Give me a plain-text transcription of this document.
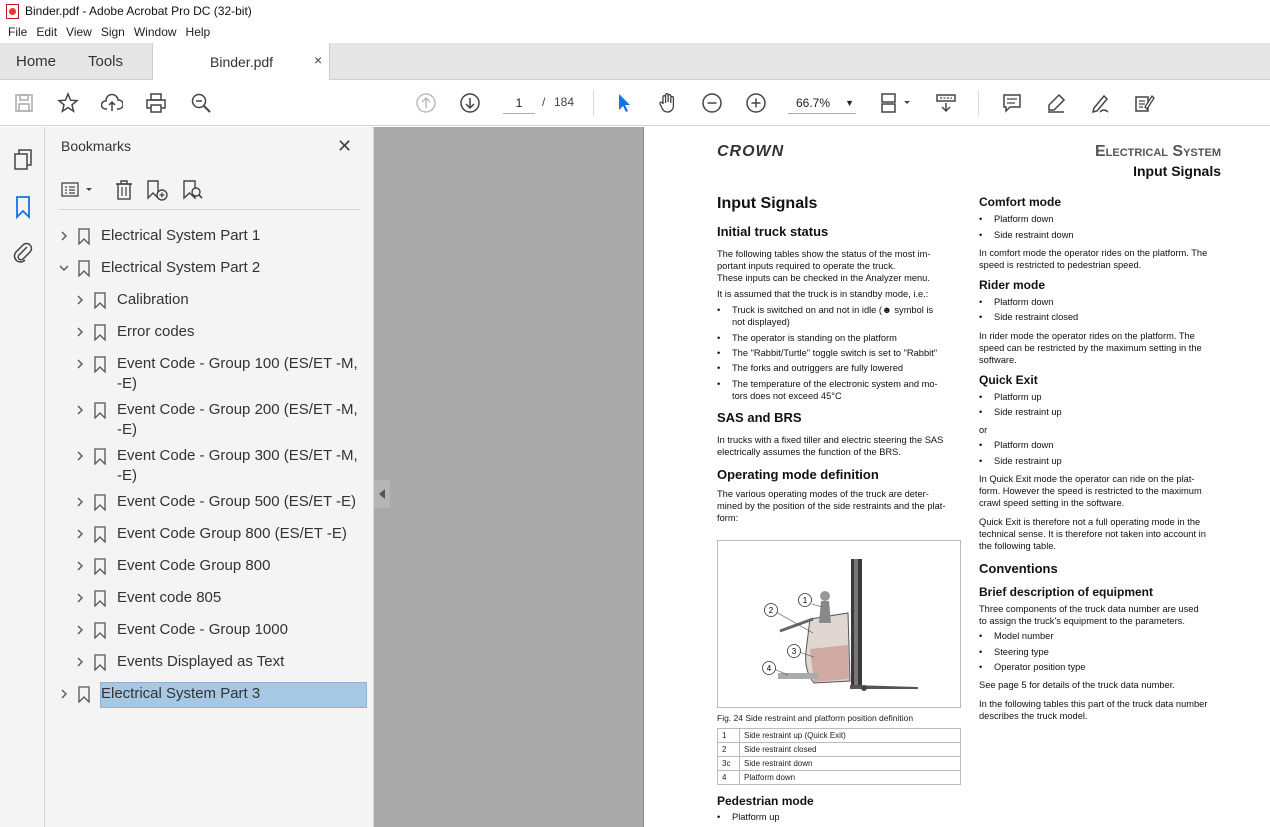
Binder.pdf - Adobe Acrobat Pro DC (32-bit)
File Edit View Sign Window Help
Home Tools	Binder.pdf	×
1	/ 184	66.7% ▼
Bookmarks	✕
Electrical System Part 1
Electrical System Part 2
Calibration
Error codes
Event Code - Group 100 (ES/ET -M,
-E)
Event Code - Group 200 (ES/ET -M,
-E)
Event Code - Group 300 (ES/ET -M,
-E)
Event Code - Group 500 (ES/ET -E)
Event Code Group 800 (ES/ET -E)
Event Code Group 800
Event code 805
Event Code - Group 1000
Events Displayed as Text
Electrical System Part 3
CROWN	Electrical System
Input Signals
Input Signals
Initial truck status
The following tables show the status of the most im-
portant inputs required to operate the truck.
These inputs can be checked in the Analyzer menu.
It is assumed that the truck is in standby mode, i.e.:
• Truck is switched on and not in idle (☻ symbol is
not displayed)
• The operator is standing on the platform
• The "Rabbit/Turtle" toggle switch is set to "Rabbit"
• The forks and outriggers are fully lowered
• The temperature of the electronic system and mo-
tors does not exceed 45°C
SAS and BRS
In trucks with a fixed tiller and electric steering the SAS
electrically assumes the function of the BRS.
Operating mode definition
The various operating modes of the truck are deter-
mined by the position of the side restraints and the plat-
form:
1
2
3
4
Fig. 24 Side restraint and platform position definition
1	Side restraint up (Quick Exit)
2	Side restraint closed
3c	Side restraint down
4	Platform down
Pedestrian mode
• Platform up
Comfort mode
• Platform down
• Side restraint down
In comfort mode the operator rides on the platform. The
speed is restricted to pedestrian speed.
Rider mode
• Platform down
• Side restraint closed
In rider mode the operator rides on the platform. The
speed can be restricted by the maximum setting in the
software.
Quick Exit
• Platform up
• Side restraint up
or
• Platform down
• Side restraint up
In Quick Exit mode the operator can ride on the plat-
form. However the speed is restricted to the maximum
crawl speed setting in the software.
Quick Exit is therefore not a full operating mode in the
technical sense. It is therefore not taken into account in
the following table.
Conventions
Brief description of equipment
Three components of the truck data number are used
to assign the truck's equipment to the parameters.
• Model number
• Steering type
• Operator position type
See page 5 for details of the truck data number.
In the following tables this part of the truck data number
describes the truck model.
